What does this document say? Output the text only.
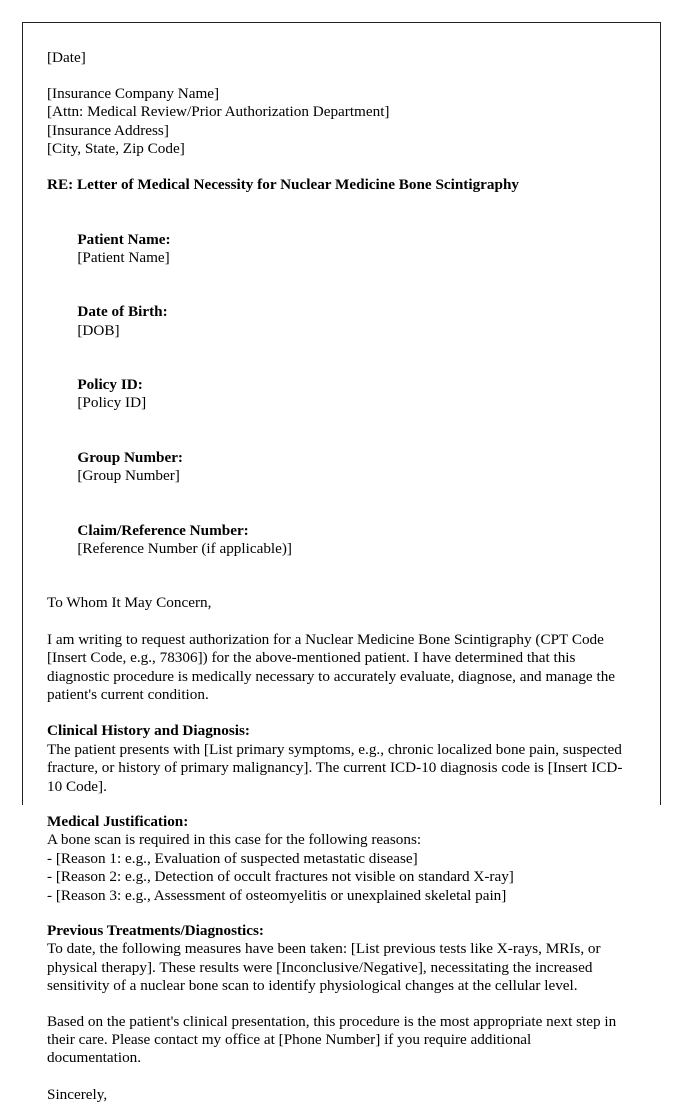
[Date]
[Insurance Company Name]
[Attn: Medical Review/Prior Authorization Department]
[Insurance Address]
[City, State, Zip Code]
RE: Letter of Medical Necessity for Nuclear Medicine Bone Scintigraphy

Patient Name:
[Patient Name]

Date of Birth:
[DOB]

Policy ID:
[Policy ID]

Group Number:
[Group Number]

Claim/Reference Number:
[Reference Number (if applicable)]

To Whom It May Concern,
I am writing to request authorization for a Nuclear Medicine Bone Scintigraphy (CPT Code [Insert Code, e.g., 78306]) for the above-mentioned patient. I have determined that this diagnostic procedure is medically necessary to accurately evaluate, diagnose, and manage the patient's current condition.
Clinical History and Diagnosis:
The patient presents with [List primary symptoms, e.g., chronic localized bone pain, suspected fracture, or history of primary malignancy]. The current ICD-10 diagnosis code is [Insert ICD-10 Code].
Medical Justification:
A bone scan is required in this case for the following reasons:
- [Reason 1: e.g., Evaluation of suspected metastatic disease]
- [Reason 2: e.g., Detection of occult fractures not visible on standard X-ray]
- [Reason 3: e.g., Assessment of osteomyelitis or unexplained skeletal pain]
Previous Treatments/Diagnostics:
To date, the following measures have been taken: [List previous tests like X-rays, MRIs, or physical therapy]. These results were [Inconclusive/Negative], necessitating the increased sensitivity of a nuclear bone scan to identify physiological changes at the cellular level.
Based on the patient's clinical presentation, this procedure is the most appropriate next step in their care. Please contact my office at [Phone Number] if you require additional documentation.
Sincerely,
